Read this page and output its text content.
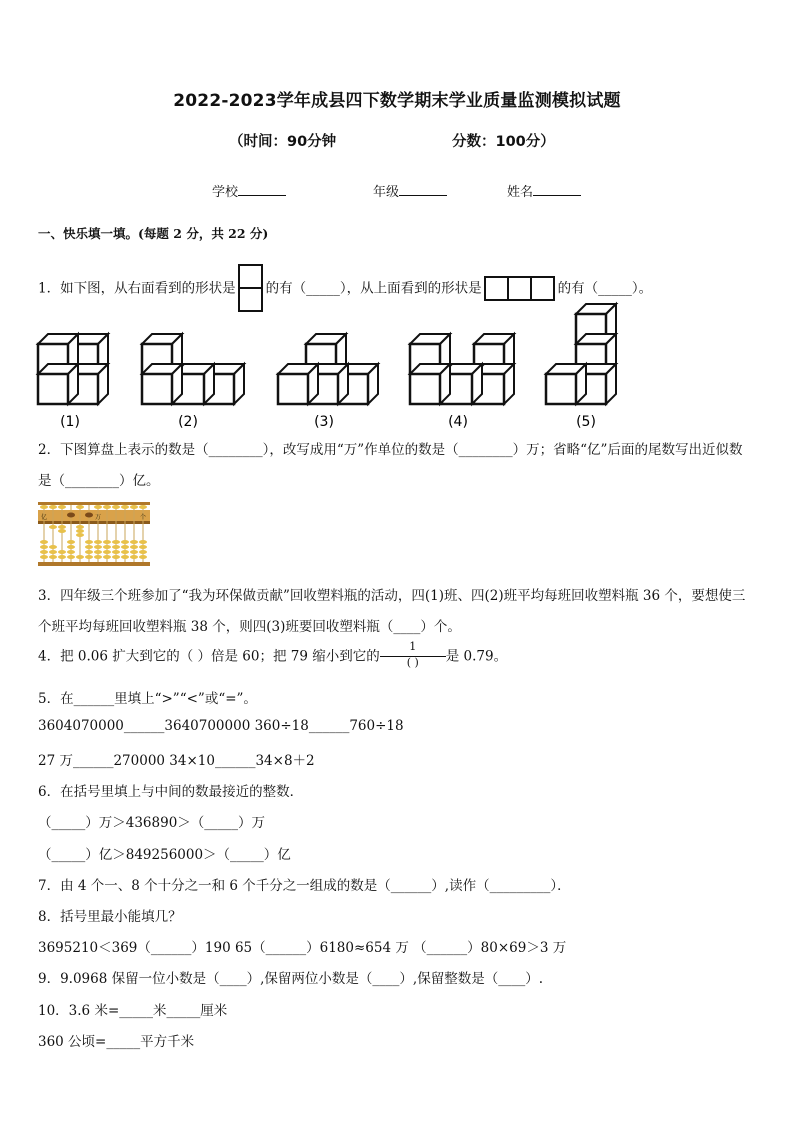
2022-2023学年成县四下数学期末学业质量监测模拟试题
（时间：90分钟	分数：100分）
学校	年级	姓名
一、快乐填一填。(每题 2 分，共 22 分)
1．如下图，从右面看到的形状是 的有（_____），从上面看到的形状是	的有（_____）。
(1)	(2)	(3)	(4)	(5)
2．下图算盘上表示的数是（________），改写成用“万”作单位的数是（________）万；省略“亿”后面的尾数写出近似数
是（________）亿。
亿	万	个
3．四年级三个班参加了“我为环保做贡献”回收塑料瓶的活动，四(1)班、四(2)班平均每班回收塑料瓶 36 个，要想使三
个班平均每班回收塑料瓶 38 个，则四(3)班要回收塑料瓶（____）个。
4．把 0.06 扩大到它的（ ）倍是 60；把 79 缩小到它的 $\frac{1}{( )}$ 是 0.79。
5．在______里填上“>”“<”或“=”。
3604070000______3640700000 360÷18______760÷18
27 万______270000 34×10______34×8＋2
6．在括号里填上与中间的数最接近的整数．
（_____）万＞436890＞（_____）万
（_____）亿＞849256000＞（_____）亿
7．由 4 个一、8 个十分之一和 6 个千分之一组成的数是（______）,读作（_________）．
8．括号里最小能填几？
3695210＜369（______）190 65（______）6180≈654 万 （______）80×69＞3 万
9．9.0968 保留一位小数是（____）,保留两位小数是（____）,保留整数是（____）.
10．3.6 米=_____米_____厘米
360 公顷=_____平方千米
